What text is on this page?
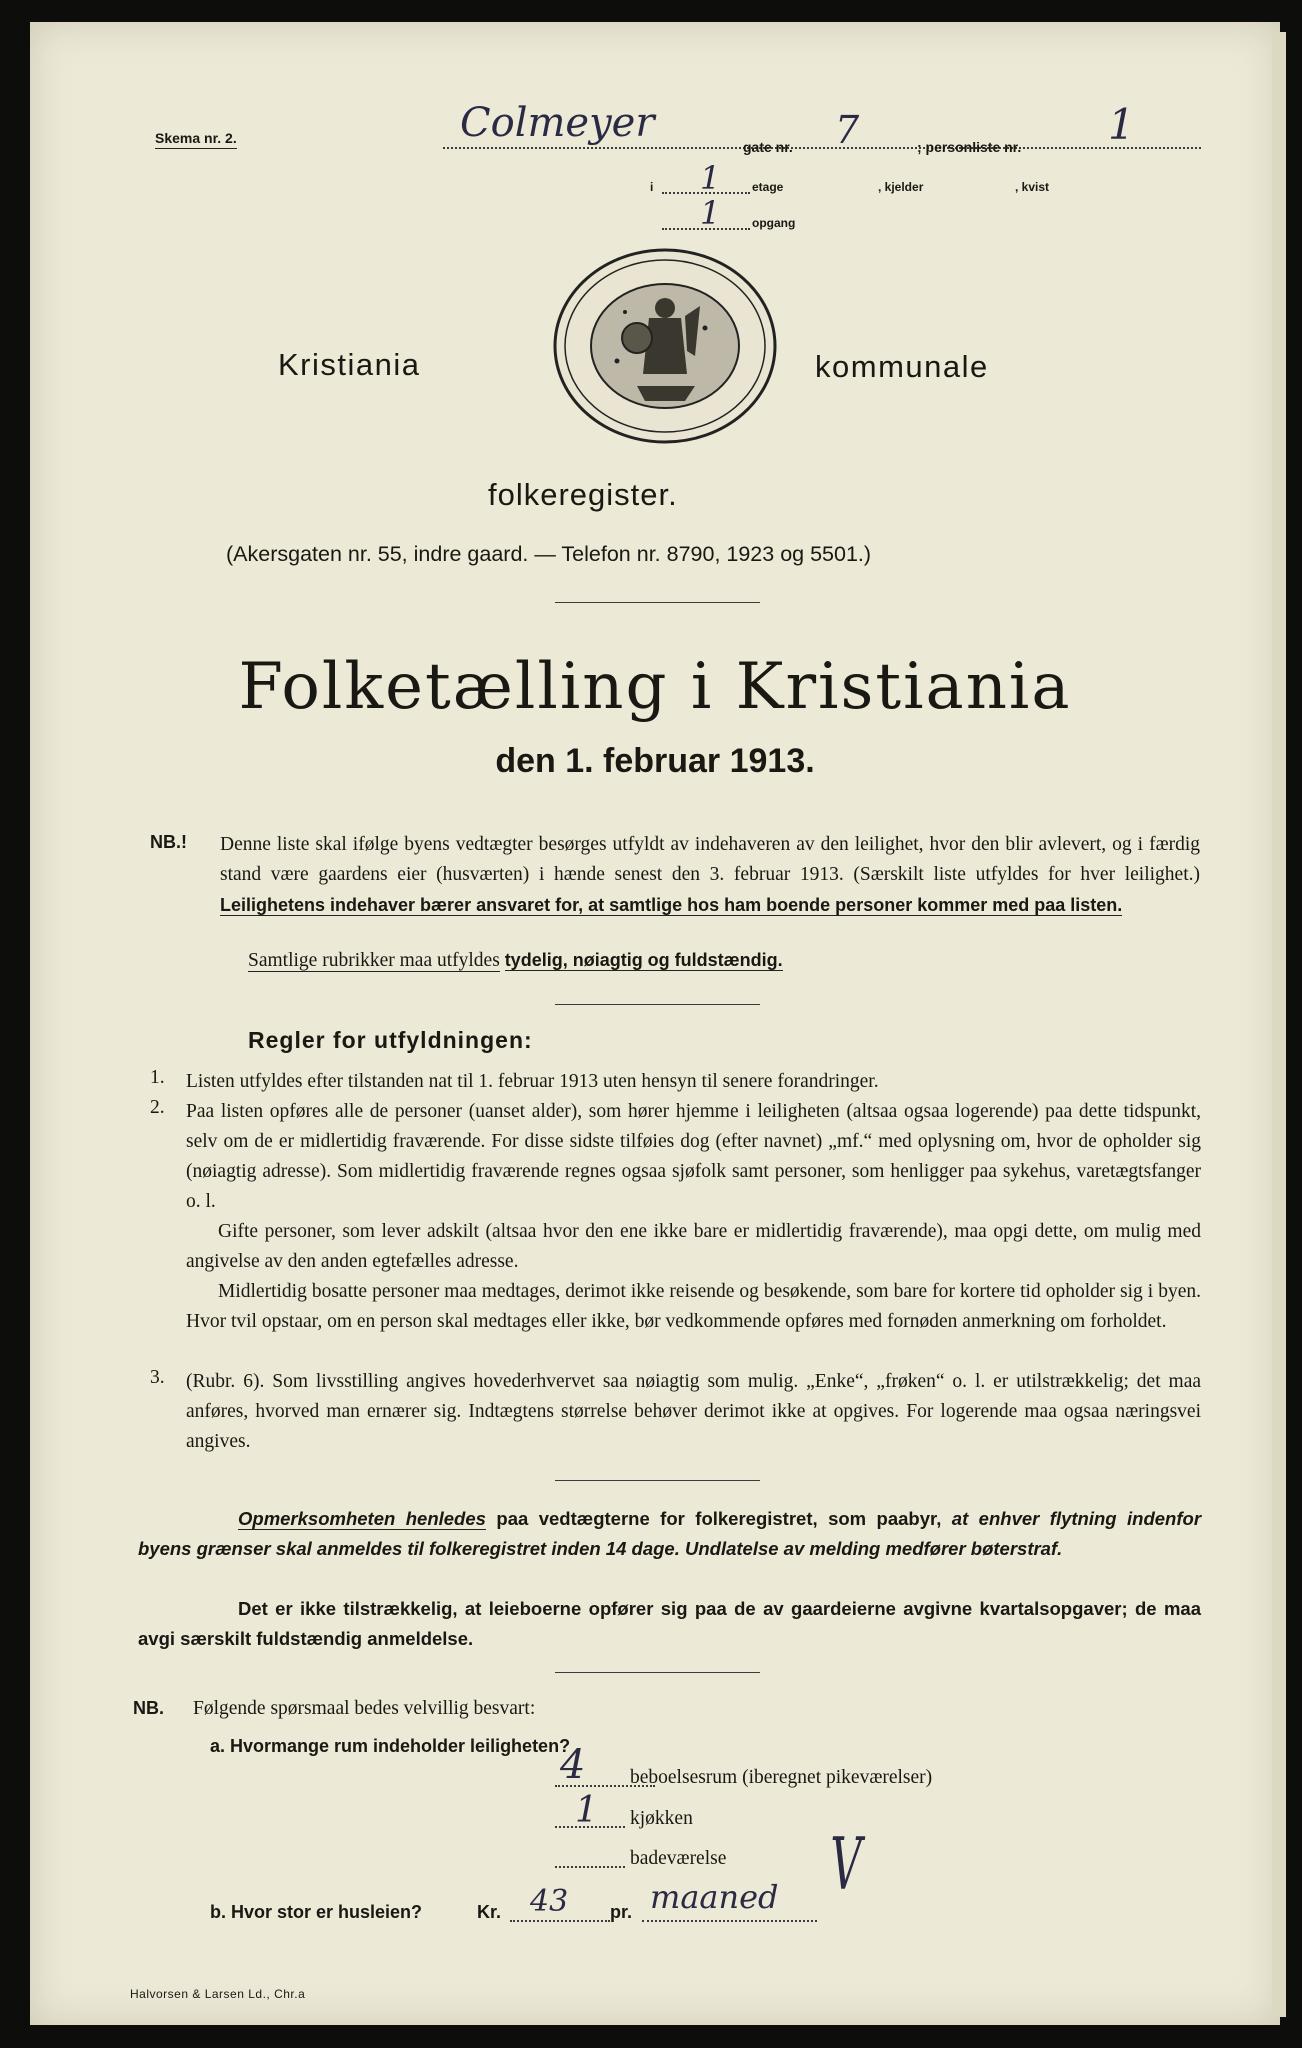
Skema nr. 2.	Colmeyer
gate nr. 7	; personliste nr. 1
i 1	etage	, kjelder	, kvist
1	opgang
Kristiania	kommunale
folkeregister.
(Akersgaten nr. 55, indre gaard. — Telefon nr. 8790, 1923 og 5501.)
Folketælling i Kristiania
den 1. februar 1913.
NB.! Denne liste skal ifølge byens vedtægter besørges utfyldt av indehaveren av den leilighet, hvor den blir avlevert, og i færdig stand være gaardens eier (husværten) i hænde senest den 3. februar 1913. (Særskilt liste utfyldes for hver leilighet.) Leilighetens indehaver bærer ansvaret for, at samtlige hos ham boende personer kommer med paa listen.
Samtlige rubrikker maa utfyldes tydelig, nøiagtig og fuldstændig.
Regler for utfyldningen:
1. Listen utfyldes efter tilstanden nat til 1. februar 1913 uten hensyn til senere forandringer.
2. Paa listen opføres alle de personer (uanset alder), som hører hjemme i leiligheten (altsaa ogsaa logerende) paa dette tidspunkt, selv om de er midlertidig fraværende. For disse sidste tilføies dog (efter navnet) „mf.“ med oplysning om, hvor de opholder sig (nøiagtig adresse). Som midlertidig fraværende regnes ogsaa sjøfolk samt personer, som henligger paa sykehus, varetægtsfanger o. l.
Gifte personer, som lever adskilt (altsaa hvor den ene ikke bare er midlertidig fraværende), maa opgi dette, om mulig med angivelse av den anden egtefælles adresse.
Midlertidig bosatte personer maa medtages, derimot ikke reisende og besøkende, som bare for kortere tid opholder sig i byen. Hvor tvil opstaar, om en person skal medtages eller ikke, bør vedkommende opføres med fornøden anmerkning om forholdet.
3. (Rubr. 6). Som livsstilling angives hovederhvervet saa nøiagtig som mulig. „Enke“, „frøken“ o. l. er utilstrækkelig; det maa anføres, hvorved man ernærer sig. Indtægtens størrelse behøver derimot ikke at opgives. For logerende maa ogsaa næringsvei angives.
Opmerksomheten henledes paa vedtægterne for folkeregistret, som paabyr, at enhver flytning indenfor byens grænser skal anmeldes til folkeregistret inden 14 dage. Undlatelse av melding medfører bøterstraf.
Det er ikke tilstrækkelig, at leieboerne opfører sig paa de av gaardeierne avgivne kvartalsopgaver; de maa avgi særskilt fuldstændig anmeldelse.
NB. Følgende spørsmaal bedes velvillig besvart:
a. Hvormange rum indeholder leiligheten?
4 beboelsesrum (iberegnet pikeværelser)
1 kjøkken
badeværelse
b. Hvor stor er husleien?	Kr. 43 pr. maaned V
Halvorsen & Larsen Ld., Chr.a
